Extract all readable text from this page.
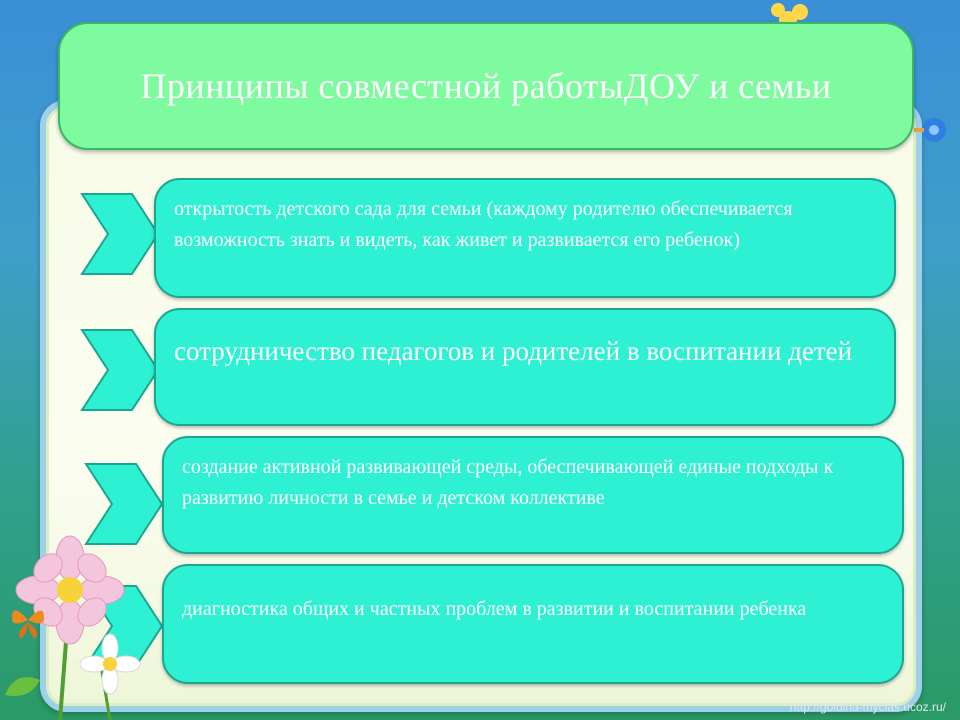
Принципы совместной работыДОУ и семьи
открытость детского сада для семьи (каждому родителю обеспечивается возможность знать и видеть, как живет и развивается его ребенок)
сотрудничество педагогов и родителей в воспитании детей
создание активной развивающей среды, обеспечивающей единые подходы к развитию личности в семье и детском коллективе
диагностика общих и частных проблем в развитии и воспитании ребенка
http://goldina-myclas.ucoz.ru/
